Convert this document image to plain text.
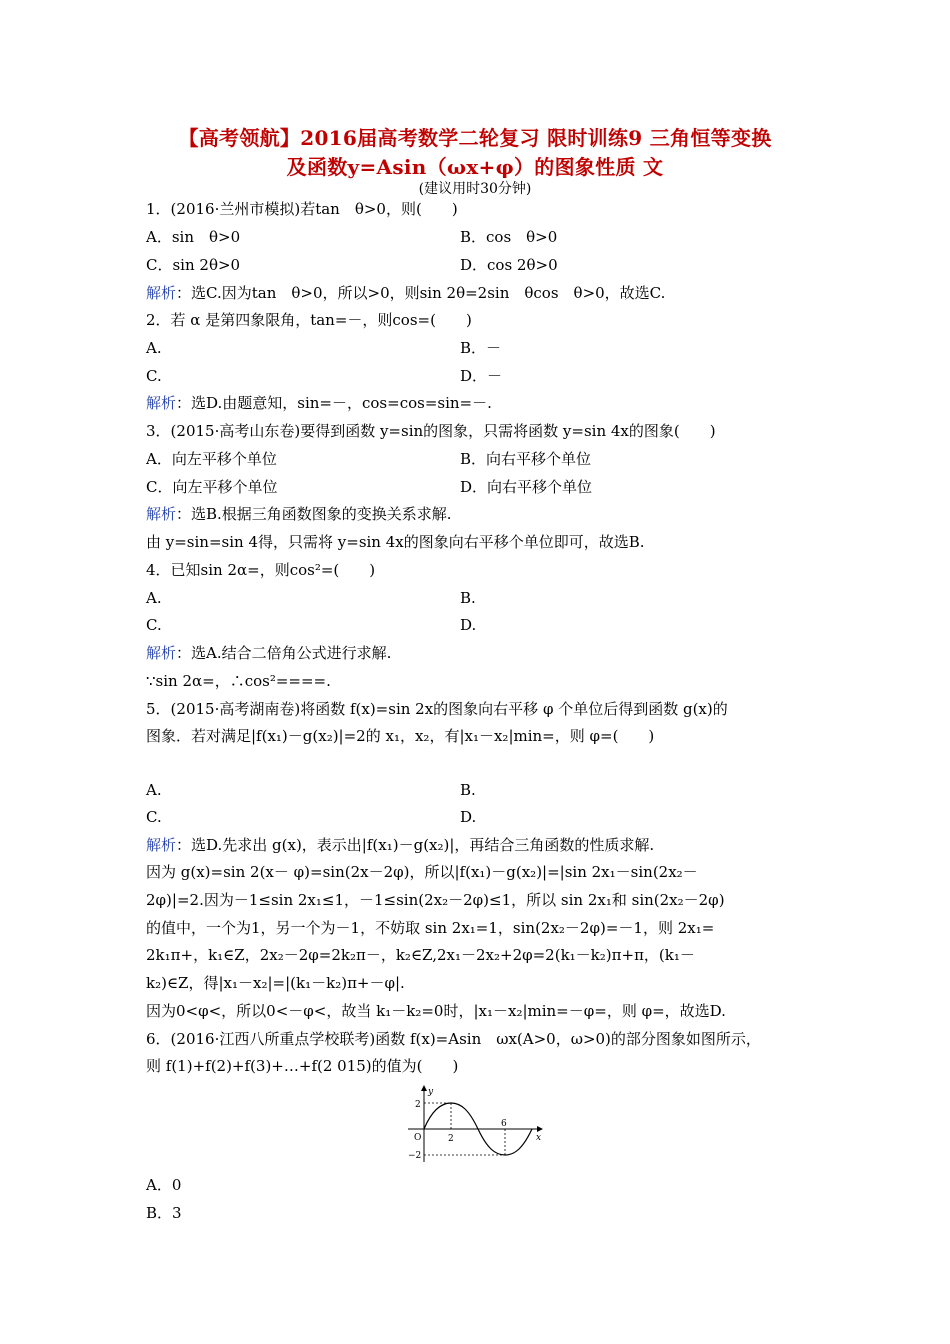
【高考领航】2016届高考数学二轮复习 限时训练9 三角恒等变换
及函数y=Asin（ωx+φ）的图象性质 文
(建议用时30分钟)
1．(2016·兰州市模拟)若tan　θ>0，则(　　)
A．sin　θ>0	B．cos　θ>0
C．sin 2θ>0	D．cos 2θ>0
解析：选C.因为tan　θ>0，所以>0，则sin 2θ=2sin　θcos　θ>0，故选C.
2．若 α 是第四象限角，tan=－，则cos=(　　)
A.	B．－
C.	D．－
解析：选D.由题意知，sin=－，cos=cos=sin=－.
3．(2015·高考山东卷)要得到函数 y=sin的图象，只需将函数 y=sin 4x的图象(　　)
A．向左平移个单位	B．向右平移个单位
C．向左平移个单位	D．向右平移个单位
解析：选B.根据三角函数图象的变换关系求解.
由 y=sin=sin 4得，只需将 y=sin 4x的图象向右平移个单位即可，故选B.
4．已知sin 2α=，则cos²=(　　)
A.	B.
C.	D.
解析：选A.结合二倍角公式进行求解.
∵sin 2α=，∴cos²====.
5．(2015·高考湖南卷)将函数 f(x)=sin 2x的图象向右平移 φ 个单位后得到函数 g(x)的
图象．若对满足|f(x₁)－g(x₂)|=2的 x₁，x₂，有|x₁－x₂|min=，则 φ=(　　)
A.	B.
C.	D.
解析：选D.先求出 g(x)，表示出|f(x₁)－g(x₂)|，再结合三角函数的性质求解.
因为 g(x)=sin 2(x－ φ)=sin(2x－2φ)，所以|f(x₁)－g(x₂)|=|sin 2x₁－sin(2x₂－
2φ)|=2.因为－1≤sin 2x₁≤1，－1≤sin(2x₂－2φ)≤1，所以 sin 2x₁和 sin(2x₂－2φ)
的值中，一个为1，另一个为－1，不妨取 sin 2x₁=1，sin(2x₂－2φ)=－1，则 2x₁=
2k₁π+，k₁∈Z，2x₂－2φ=2k₂π－，k₂∈Z,2x₁－2x₂+2φ=2(k₁－k₂)π+π，(k₁－
k₂)∈Z，得|x₁－x₂|=|(k₁－k₂)π+－φ|.
因为0<φ<，所以0<－φ<，故当 k₁－k₂=0时，|x₁－x₂|min=－φ=，则 φ=，故选D.
6．(2016·江西八所重点学校联考)函数 f(x)=Asin　ωx(A>0，ω>0)的部分图象如图所示，
则 f(1)+f(2)+f(3)+…+f(2 015)的值为(　　)
y
x
O
2
−2
2
6
A．0
B．3
